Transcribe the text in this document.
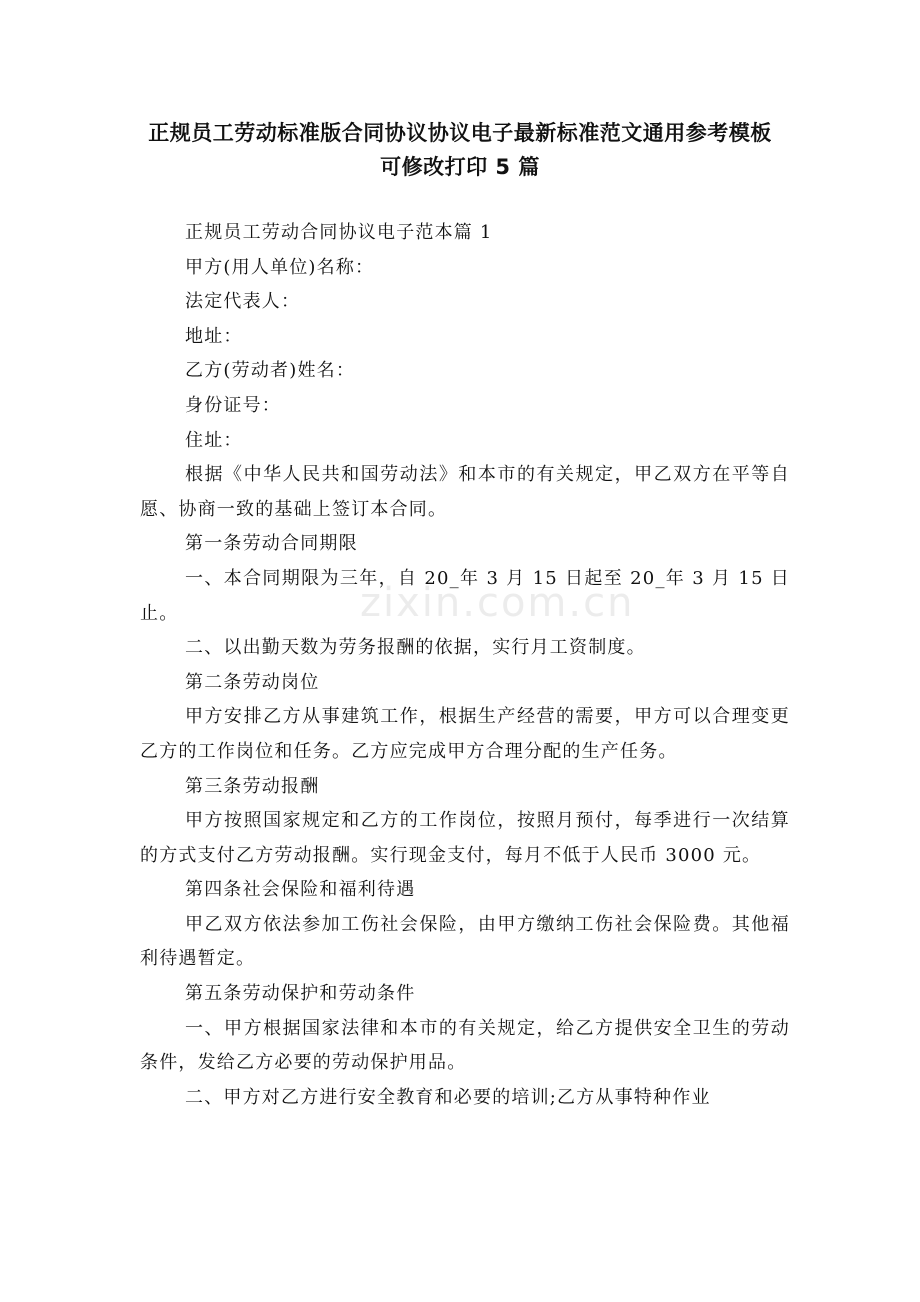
正规员工劳动标准版合同协议协议电子最新标准范文通用参考模板
可修改打印 5 篇
zixin.com.cn

正规员工劳动合同协议电子范本篇 1

甲方(用人单位)名称：

法定代表人：

地址：

乙方(劳动者)姓名：

身份证号：

住址：

根据《中华人民共和国劳动法》和本市的有关规定，甲乙双方在平等自愿、协商一致的基础上签订本合同。

第一条劳动合同期限

一、本合同期限为三年，自 20_年 3 月 15 日起至 20_年 3 月 15 日止。

二、以出勤天数为劳务报酬的依据，实行月工资制度。

第二条劳动岗位

甲方安排乙方从事建筑工作，根据生产经营的需要，甲方可以合理变更乙方的工作岗位和任务。乙方应完成甲方合理分配的生产任务。

第三条劳动报酬

甲方按照国家规定和乙方的工作岗位，按照月预付，每季进行一次结算的方式支付乙方劳动报酬。实行现金支付，每月不低于人民币 3000 元。

第四条社会保险和福利待遇

甲乙双方依法参加工伤社会保险，由甲方缴纳工伤社会保险费。其他福利待遇暂定。

第五条劳动保护和劳动条件

一、甲方根据国家法律和本市的有关规定，给乙方提供安全卫生的劳动条件，发给乙方必要的劳动保护用品。

二、甲方对乙方进行安全教育和必要的培训;乙方从事特种作业
